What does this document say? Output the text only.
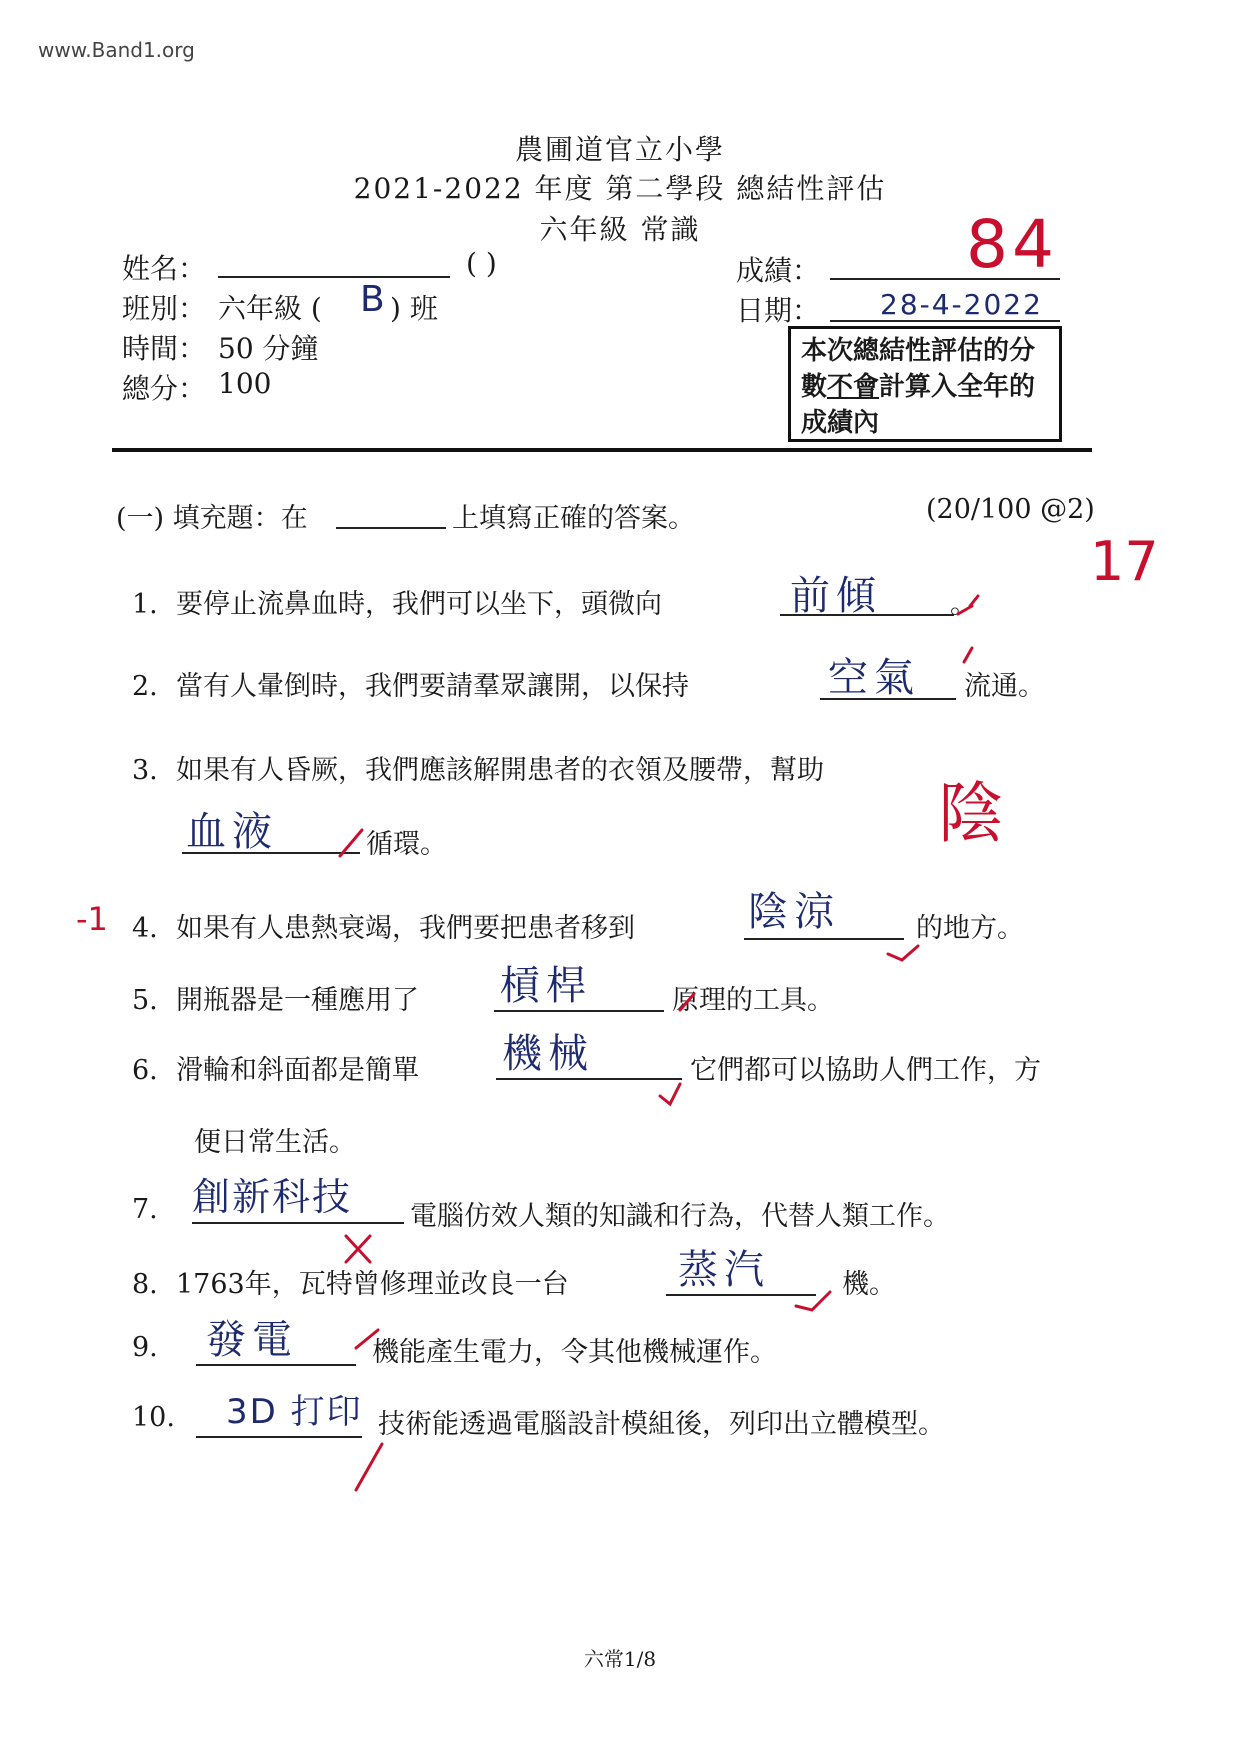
www.Band1.org
農圃道官立小學
2021-2022 年度 第二學段 總結性評估
六年級 常識
姓名：	( )
班別： 六年級 ( B ) 班
時間： 50 分鐘
總分： 100
成績： 84
日期： 28-4-2022
本次總結性評估的分數不會計算入全年的成績內
(一) 填充題：在	上填寫正確的答案。	(20/100 @2)
17
1. 要停止流鼻血時，我們可以坐下，頭微向	前傾	。
2. 當有人暈倒時，我們要請羣眾讓開，以保持	空氣 流通。
3. 如果有人昏厥，我們應該解開患者的衣領及腰帶，幫助
血液	循環。
-1
陰
4. 如果有人患熱衰竭，我們要把患者移到	陰涼	的地方。
5. 開瓶器是一種應用了 槓桿	原理的工具。
6. 滑輪和斜面都是簡單 機械	它們都可以協助人們工作，方
便日常生活。
7. 創新科技 電腦仿效人類的知識和行為，代替人類工作。
8. 1763年，瓦特曾修理並改良一台	蒸汽	機。
9.	發電	機能產生電力，令其他機械運作。
10. 3D 打印 技術能透過電腦設計模組後，列印出立體模型。
六常1/8
